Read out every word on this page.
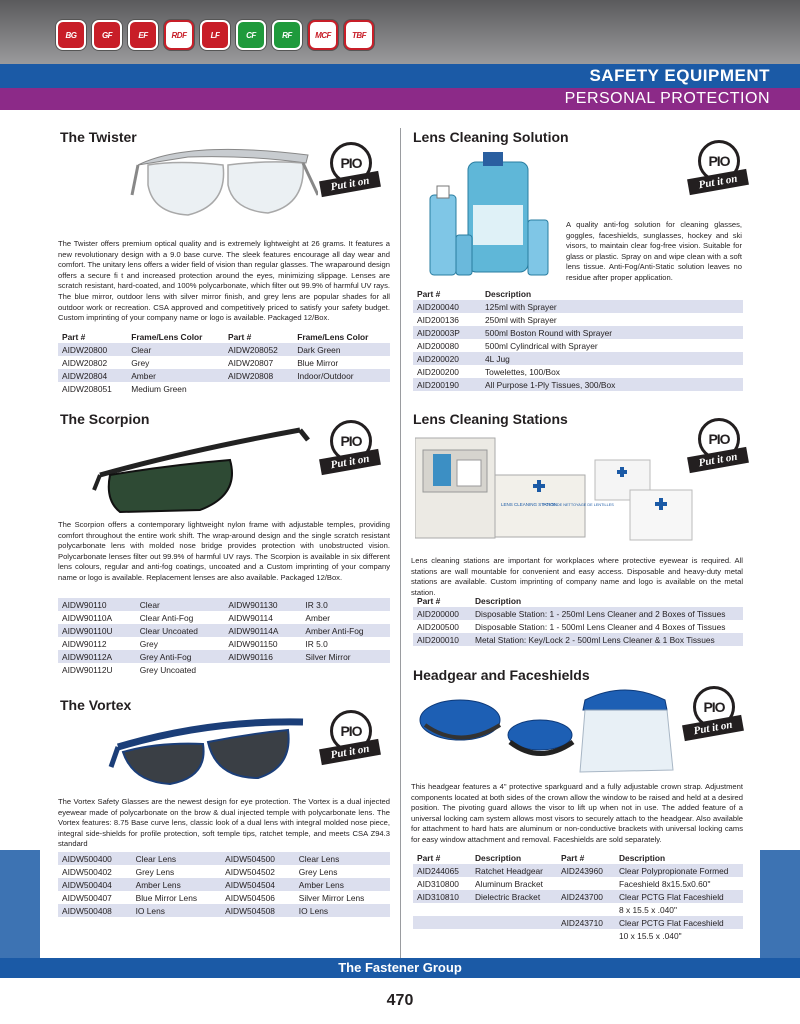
BG	GF	EF	RDF	LF	CF	RF	MCF	TBF
SAFETY EQUIPMENT
PERSONAL PROTECTION
The Twister
PIO
Put it on
The Twister offers premium optical quality and is extremely lightweight at 26 grams. It features a new revolutionary design with a 9.0 base curve. The sleek features encourage all day wear and comfort. The unitary lens offers a wider field of vision than regular glasses. The wraparound design offers a secure fi t and increased protection around the eyes, minimizing slippage. Lenses are scratch resistant, hard-coated, and 100% polycarbonate, which filter out 99.9% of harmful UV rays. The blue mirror, outdoor lens with silver mirror finish, and grey lens are popular shades for all outdoor work or recreation. CSA approved and competitively priced to satisfy your safety budget. Custom imprinting of your company name or logo is available. Packaged 12/Box.
Part #	Frame/Lens Color	Part #	Frame/Lens Color
AIDW20800	Clear	AIDW208052	Dark Green
AIDW20802	Grey	AIDW20807	Blue Mirror
AIDW20804	Amber	AIDW20808	Indoor/Outdoor
AIDW208051	Medium Green		
The Scorpion
PIO
Put it on
The Scorpion offers a contemporary lightweight nylon frame with adjustable temples, providing comfort throughout the entire work shift. The wrap-around design and the single scratch resistant polycarbonate lens with molded nose bridge provides protection with unobstructed vision. Polycarbonate lenses filter out 99.9% of harmful UV rays. The Scorpion is available in six different lens colours, regular and anti-fog coatings, uncoated and a Custom imprinting of your company name or logo is available. Replacement lenses are also available. Packaged 12/Box.
AIDW90110	Clear	AIDW901130	IR 3.0
AIDW90110A	Clear Anti-Fog	AIDW90114	Amber
AIDW90110U	Clear Uncoated	AIDW90114A	Amber Anti-Fog
AIDW90112	Grey	AIDW901150	IR 5.0
AIDW90112A	Grey Anti-Fog	AIDW90116	Silver Mirror
AIDW90112U	Grey Uncoated		
The Vortex
PIO
Put it on
The Vortex Safety Glasses are the newest design for eye protection. The Vortex is a dual injected eyewear made of polycarbonate on the brow & dual injected temple with polycarbonate lens. The Vortex features: 8.75 Base curve lens, classic look of a dual lens with integral molded nose piece, integral side-shields for profile protection, soft temple tips, ratchet temple, and meets CSA Z94.3 standard
AIDW500400	Clear Lens	AIDW504500	Clear Lens
AIDW500402	Grey Lens	AIDW504502	Grey Lens
AIDW500404	Amber Lens	AIDW504504	Amber Lens
AIDW500407	Blue Mirror Lens	AIDW504506	Silver Mirror Lens
AIDW500408	IO Lens	AIDW504508	IO Lens
Lens Cleaning Solution
PIO
Put it on
A quality anti-fog solution for cleaning glasses, goggles, faceshields, sunglasses, hockey and ski visors, to maintain clear fog-free vision. Suitable for glass or plastic. Spray on and wipe clean with a soft lens tissue. Anti-Fog/Anti-Static solution leaves no residue after proper application.
Part #	Description
AID200040	125ml with Sprayer
AID200136	250ml with Sprayer
AID20003P	500ml Boston Round with Sprayer
AID200080	500ml Cylindrical with Sprayer
AID200020	4L Jug
AID200200	Towelettes, 100/Box
AID200190	All Purpose 1-Ply Tissues, 300/Box
Lens Cleaning Stations
LENS CLEANING STATION
POSTE DE NETTOYAGE DE LENTILLES
PIO
Put it on
Lens cleaning stations are important for workplaces where protective eyewear is required. All stations are wall mountable for convenient and easy access. Disposable and heavy-duty metal stations are available. Custom imprinting of company name and logo is available on the metal station.
Part #	Description
AID200000	Disposable Station: 1 - 250ml Lens Cleaner and 2 Boxes of Tissues
AID200500	Disposable Station: 1 - 500ml Lens Cleaner and 4 Boxes of Tissues
AID200010	Metal Station: Key/Lock 2 - 500ml Lens Cleaner & 1 Box Tissues
Headgear and Faceshields
PIO
Put it on
This headgear features a 4" protective sparkguard and a fully adjustable crown strap. Adjustment components located at both sides of the crown allow the window to be raised and held at a desired position. The pivoting guard allows the visor to lift up when not in use. The added feature of a universal locking cam system allows most visors to securely attach to the headgear. Also available for attachment to hard hats are aluminum or non-conductive brackets with universal locking cams for easy window attachment and removal. Faceshields are sold separately.
Part #	Description	Part #	Description
AID244065	Ratchet Headgear	AID243960	Clear Polypropionate Formed
AID310800	Aluminum Bracket		Faceshield 8x15.5x0.60"
AID310810	Dielectric Bracket	AID243700	Clear PCTG Flat Faceshield
			8 x 15.5 x .040"
		AID243710	Clear PCTG Flat Faceshield
			10 x 15.5 x .040"
The Fastener Group
470
